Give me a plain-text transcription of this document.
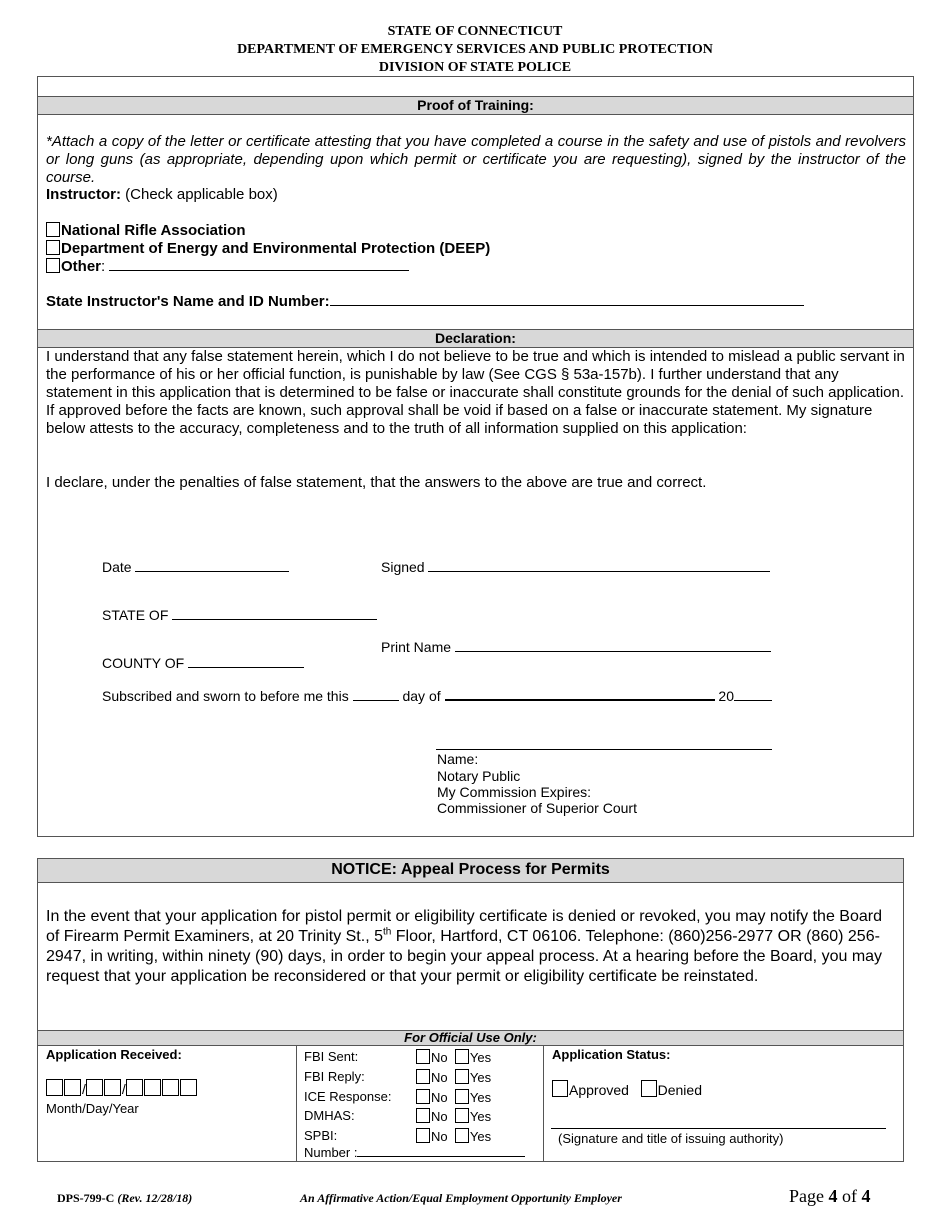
STATE OF CONNECTICUT
DEPARTMENT OF EMERGENCY SERVICES AND PUBLIC PROTECTION
DIVISION OF STATE POLICE
Proof of Training:
*Attach a copy of the letter or certificate attesting that you have completed a course in the safety and use of pistols and revolvers or long guns (as appropriate, depending upon which permit or certificate you are requesting), signed by the instructor of the course.
Instructor: (Check applicable box)
National Rifle Association
Department of Energy and Environmental Protection (DEEP)
Other:
State Instructor's Name and ID Number:
Declaration:
I understand that any false statement herein, which I do not believe to be true and which is intended to mislead a public servant in the performance of his or her official function, is punishable by law (See CGS § 53a-157b). I further understand that any statement in this application that is determined to be false or inaccurate shall constitute grounds for the denial of such application. If approved before the facts are known, such approval shall be void if based on a false or inaccurate statement. My signature below attests to the accuracy, completeness and to the truth of all information supplied on this application:
I declare, under the penalties of false statement, that the answers to the above are true and correct.
Date	Signed
STATE OF
Print Name
COUNTY OF
Subscribed and sworn to before me this	day of	20
Name:
Notary Public
My Commission Expires:
Commissioner of Superior Court
NOTICE: Appeal Process for Permits
In the event that your application for pistol permit or eligibility certificate is denied or revoked, you may notify the Board of Firearm Permit Examiners, at 20 Trinity St., 5th Floor, Hartford, CT 06106. Telephone: (860)256-2977 OR (860) 256-2947, in writing, within ninety (90) days, in order to begin your appeal process. At a hearing before the Board, you may request that your application be reconsidered or that your permit or eligibility certificate be reinstated.
For Official Use Only:
Application Received:
/	/
Month/Day/Year
FBI Sent:	No Yes
FBI Reply:	No Yes
ICE Response:	No Yes
DMHAS:	No Yes
SPBI:	No Yes
Number :
Application Status:
Approved Denied
(Signature and title of issuing authority)
DPS-799-C (Rev. 12/28/18)	An Affirmative Action/Equal Employment Opportunity Employer	Page 4 of 4
